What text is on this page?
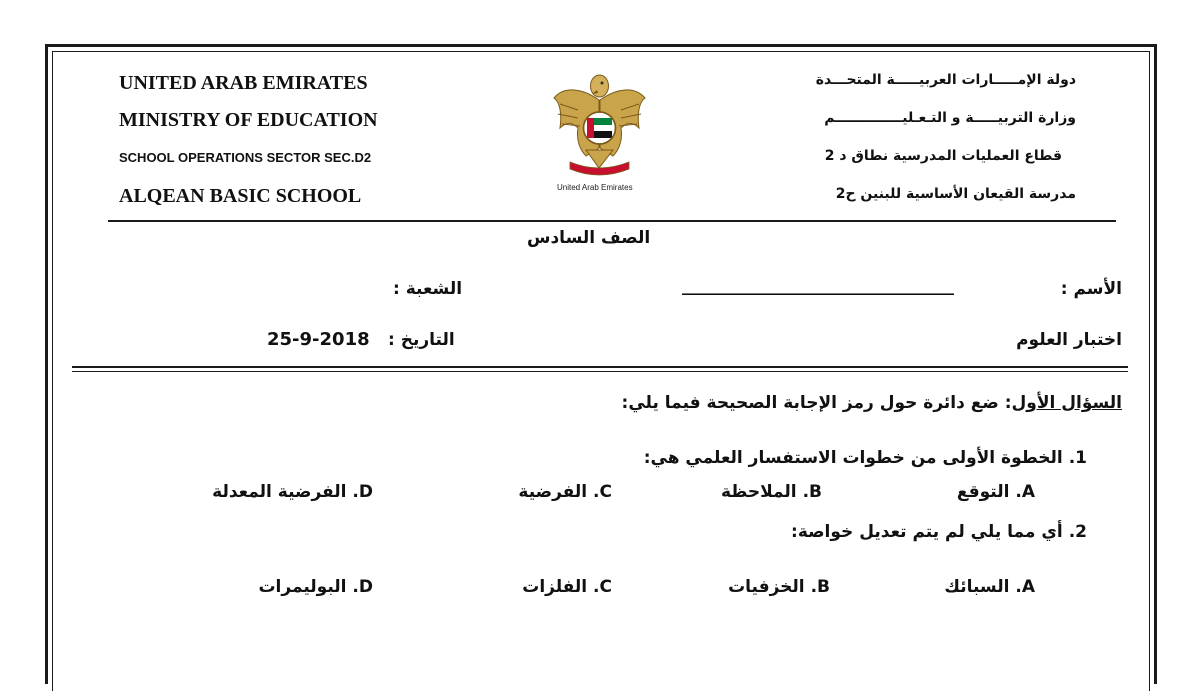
UNITED ARAB EMIRATES
MINISTRY OF EDUCATION
SCHOOL OPERATIONS SECTOR SEC.D2
ALQEAN BASIC SCHOOL	United Arab Emirates
دولة الإمـــــارات العربيـــــة المتحـــدة
وزارة التربيـــــة و التـعـليــــــــــــــم
قطاع العمليات المدرسية نطاق د 2
مدرسة القيعان الأساسية للبنين ح2
الصف السادس
الأسم :
________________________________
الشعبة :
اختبار العلوم
التاريخ :
25-9-2018
السؤال الأول: ضع دائرة حول رمز الإجابة الصحيحة فيما يلي:
1. الخطوة الأولى من خطوات الاستفسار العلمي هي:
A. التوقع
B. الملاحظة
C. الفرضية
D. الفرضية المعدلة
2. أي مما يلي لم يتم تعديل خواصة:
A. السبائك
B. الخزفيات
C. الفلزات
D. البوليمرات
